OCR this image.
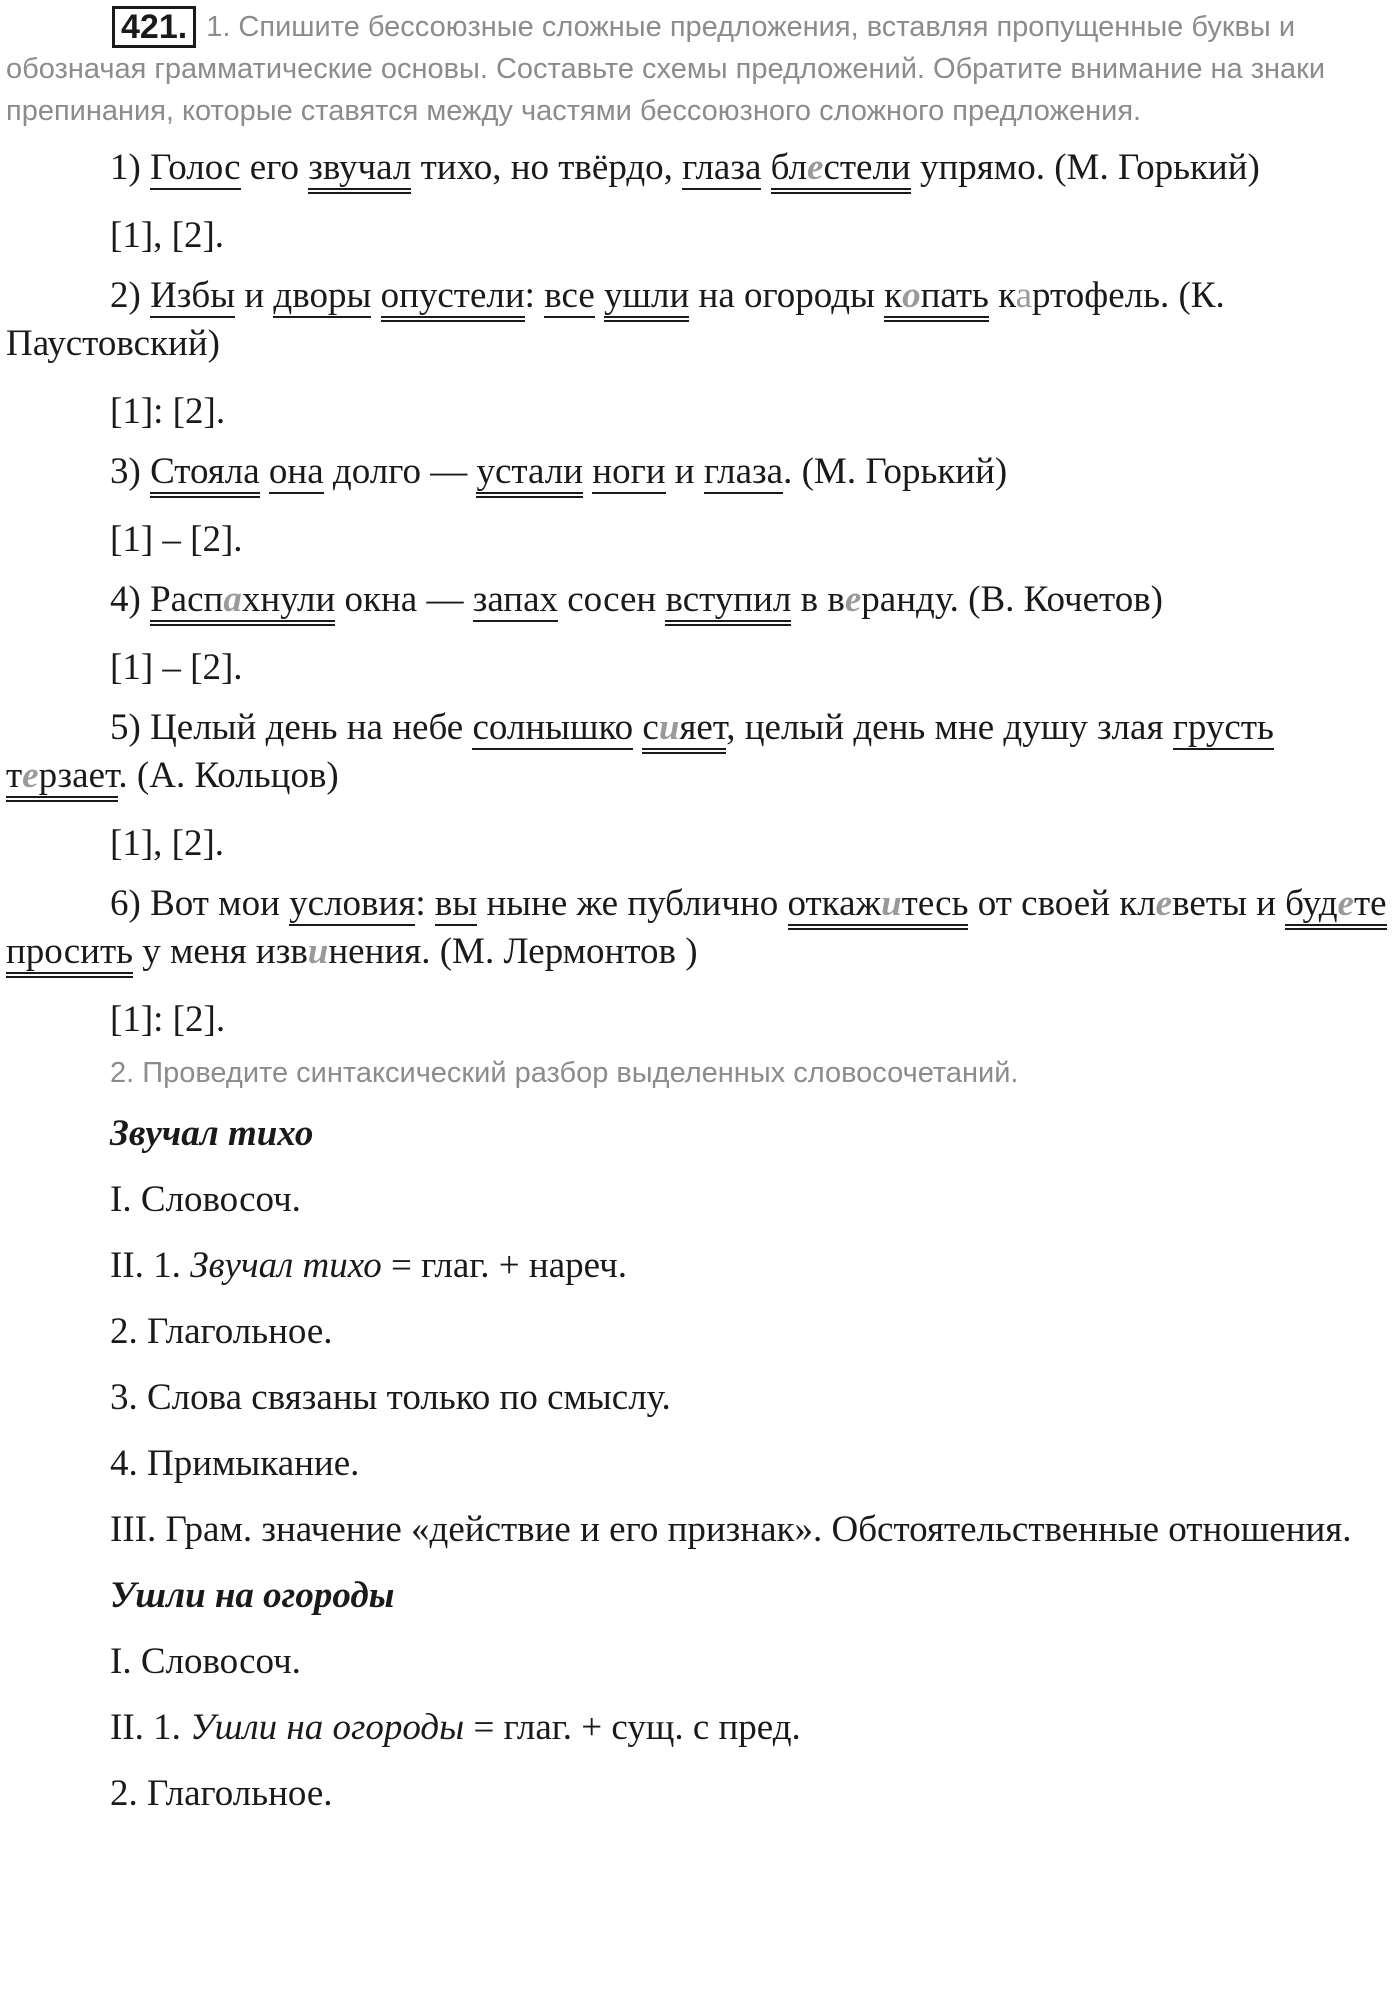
421. 1. Спишите бессоюзные сложные предложения, вставляя пропущенные буквы и обозначая грамматические основы. Составьте схемы предложений. Обратите внимание на знаки препинания, которые ставятся между частями бессоюзного сложного предложения.

1) Голос его звучал тихо, но твёрдо, глаза блестели упрямо. (М. Горький)

[1], [2].

2) Избы и дворы опустели: все ушли на огороды копать картофель. (К. Паустовский)

[1]: [2].

3) Стояла она долго — устали ноги и глаза. (М. Горький)

[1] – [2].

4) Распахнули окна — запах сосен вступил в веранду. (В. Кочетов)

[1] – [2].

5) Целый день на небе солнышко сияет, целый день мне душу злая грусть терзает. (А. Кольцов)

[1], [2].

6) Вот мои условия: вы ныне же публично откажитесь от своей клеветы и будете просить у меня извинения. (М. Лермонтов )

[1]: [2].

2. Проведите синтаксический разбор выделенных словосочетаний.

Звучал тихо

I. Словосоч.

II. 1. Звучал тихо = глаг. + нареч.

2. Глагольное.

3. Слова связаны только по смыслу.

4. Примыкание.

III. Грам. значение «действие и его признак». Обстоятельственные отношения.

Ушли на огороды

I. Словосоч.

II. 1. Ушли на огороды = глаг. + сущ. с пред.

2. Глагольное.
